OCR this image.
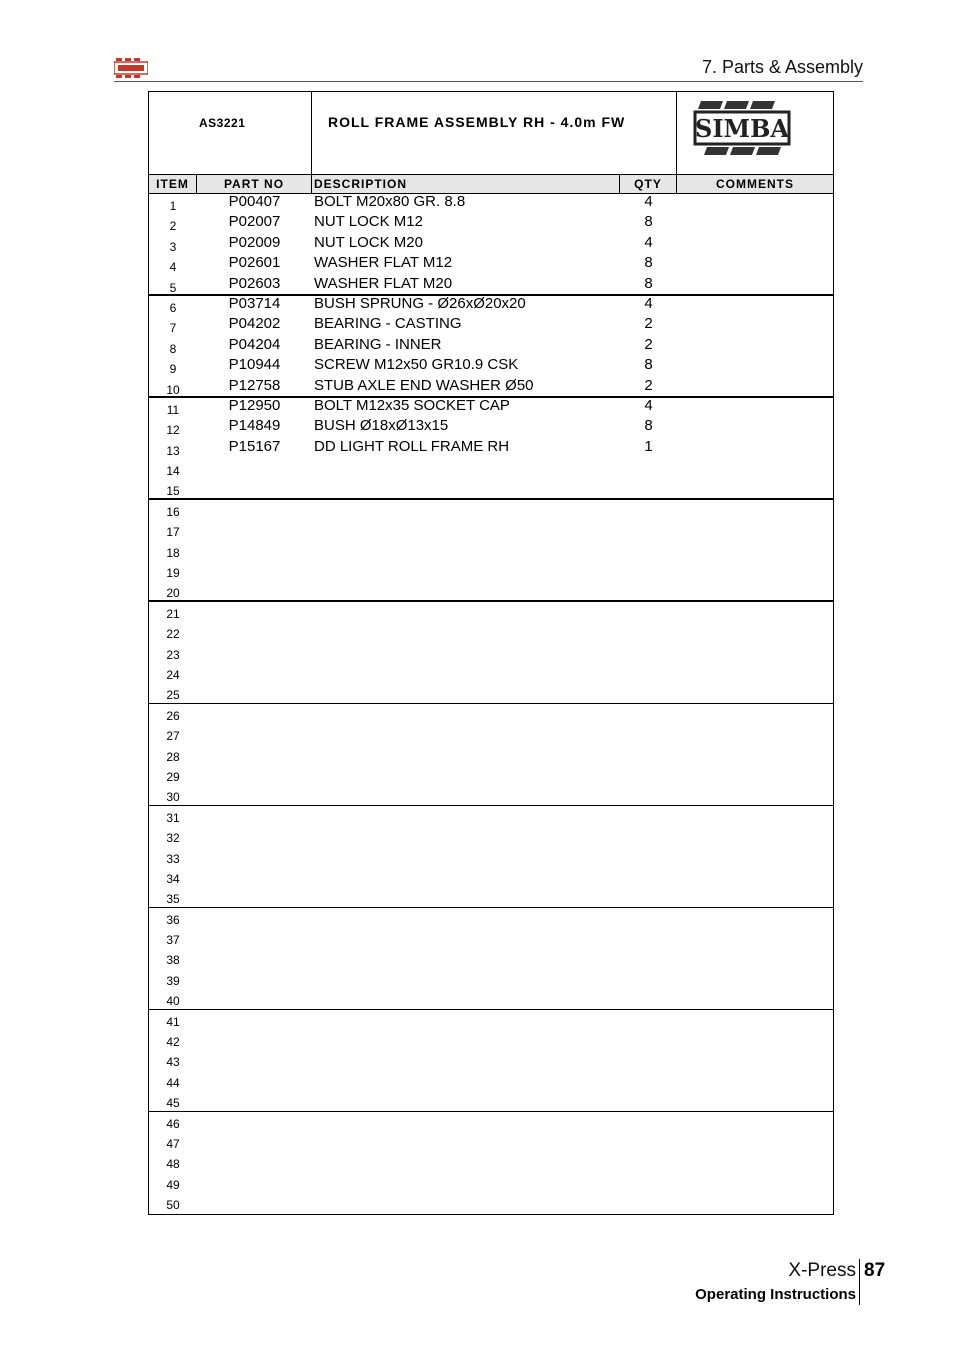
7. Parts & Assembly
AS3221	ROLL FRAME ASSEMBLY RH - 4.0m FW	SIMBA
ITEM	PART NO	DESCRIPTION	QTY	COMMENTS
1	P00407	BOLT M20x80 GR. 8.8	4
2	P02007	NUT LOCK M12	8
3	P02009	NUT LOCK M20	4
4	P02601	WASHER FLAT M12	8
5	P02603	WASHER FLAT M20	8
6	P03714	BUSH SPRUNG - Ø26xØ20x20	4
7	P04202	BEARING - CASTING	2
8	P04204	BEARING - INNER	2
9	P10944	SCREW M12x50 GR10.9 CSK	8
10	P12758	STUB AXLE END WASHER Ø50	2
11	P12950	BOLT M12x35 SOCKET CAP	4
12	P14849	BUSH Ø18xØ13x15	8
13	P15167	DD LIGHT ROLL FRAME RH	1
14
15
16
17
18
19
20
21
22
23
24
25
26
27
28
29
30
31
32
33
34
35
36
37
38
39
40
41
42
43
44
45
46
47
48
49
50
X-Press 87
Operating Instructions
